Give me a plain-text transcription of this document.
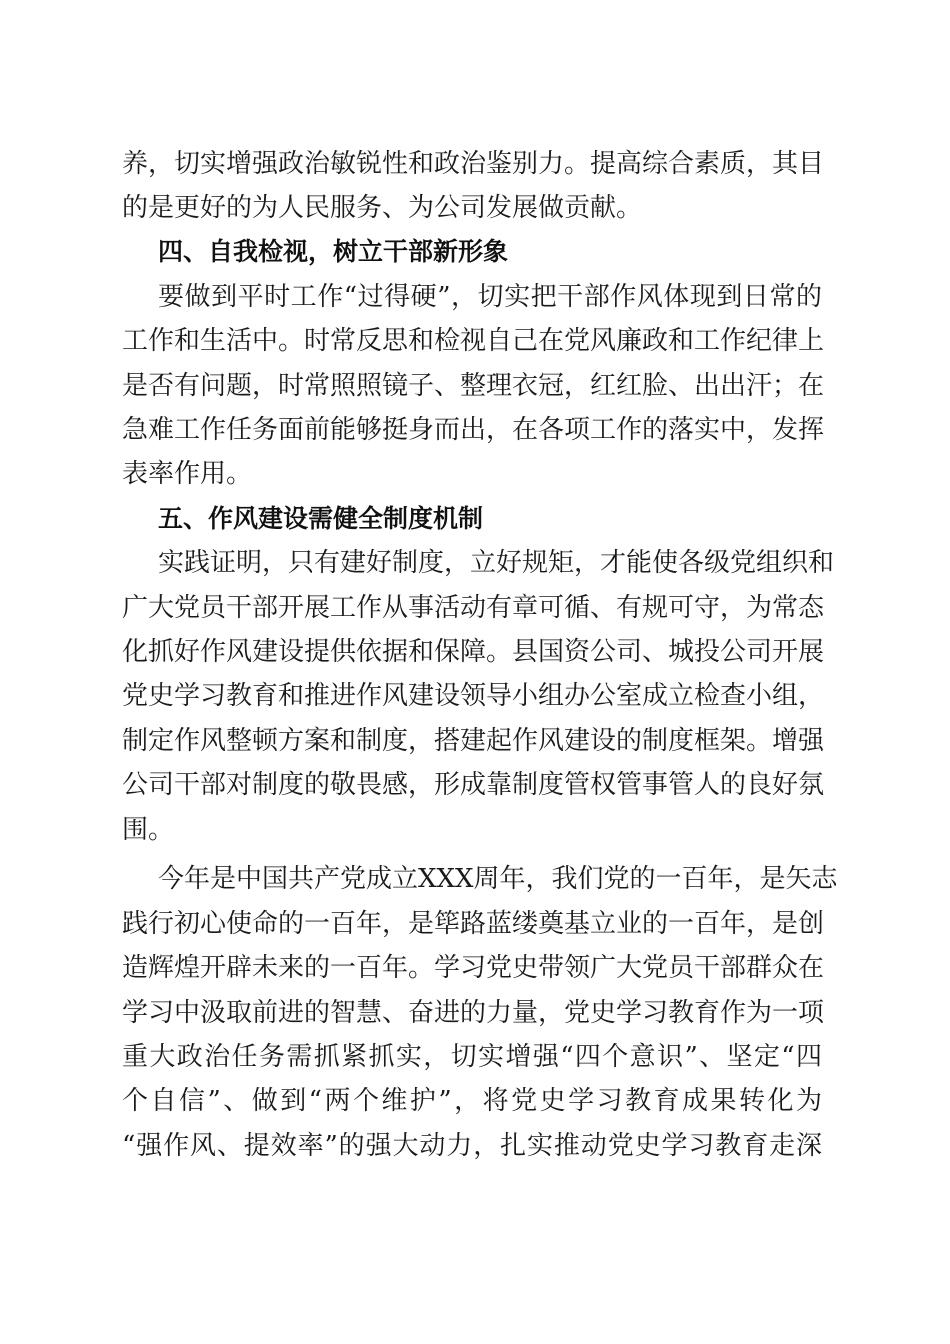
养，切实增强政治敏锐性和政治鉴别力。提高综合素质，其目
的是更好的为人民服务、为公司发展做贡献。
四、自我检视，树立干部新形象
要做到平时工作“过得硬”，切实把干部作风体现到日常的
工作和生活中。时常反思和检视自己在党风廉政和工作纪律上
是否有问题，时常照照镜子、整理衣冠，红红脸、出出汗；在
急难工作任务面前能够挺身而出，在各项工作的落实中，发挥
表率作用。
五、作风建设需健全制度机制
实践证明，只有建好制度，立好规矩，才能使各级党组织和
广大党员干部开展工作从事活动有章可循、有规可守，为常态
化抓好作风建设提供依据和保障。县国资公司、城投公司开展
党史学习教育和推进作风建设领导小组办公室成立检查小组，
制定作风整顿方案和制度，搭建起作风建设的制度框架。增强
公司干部对制度的敬畏感，形成靠制度管权管事管人的良好氛
围。
今年是中国共产党成立XXX周年，我们党的一百年，是矢志
践行初心使命的一百年，是筚路蓝缕奠基立业的一百年，是创
造辉煌开辟未来的一百年。学习党史带领广大党员干部群众在
学习中汲取前进的智慧、奋进的力量，党史学习教育作为一项
重大政治任务需抓紧抓实，切实增强“四个意识”、坚定“四
个自信”、做到“两个维护”，将党史学习教育成果转化为
“强作风、提效率”的强大动力，扎实推动党史学习教育走深
